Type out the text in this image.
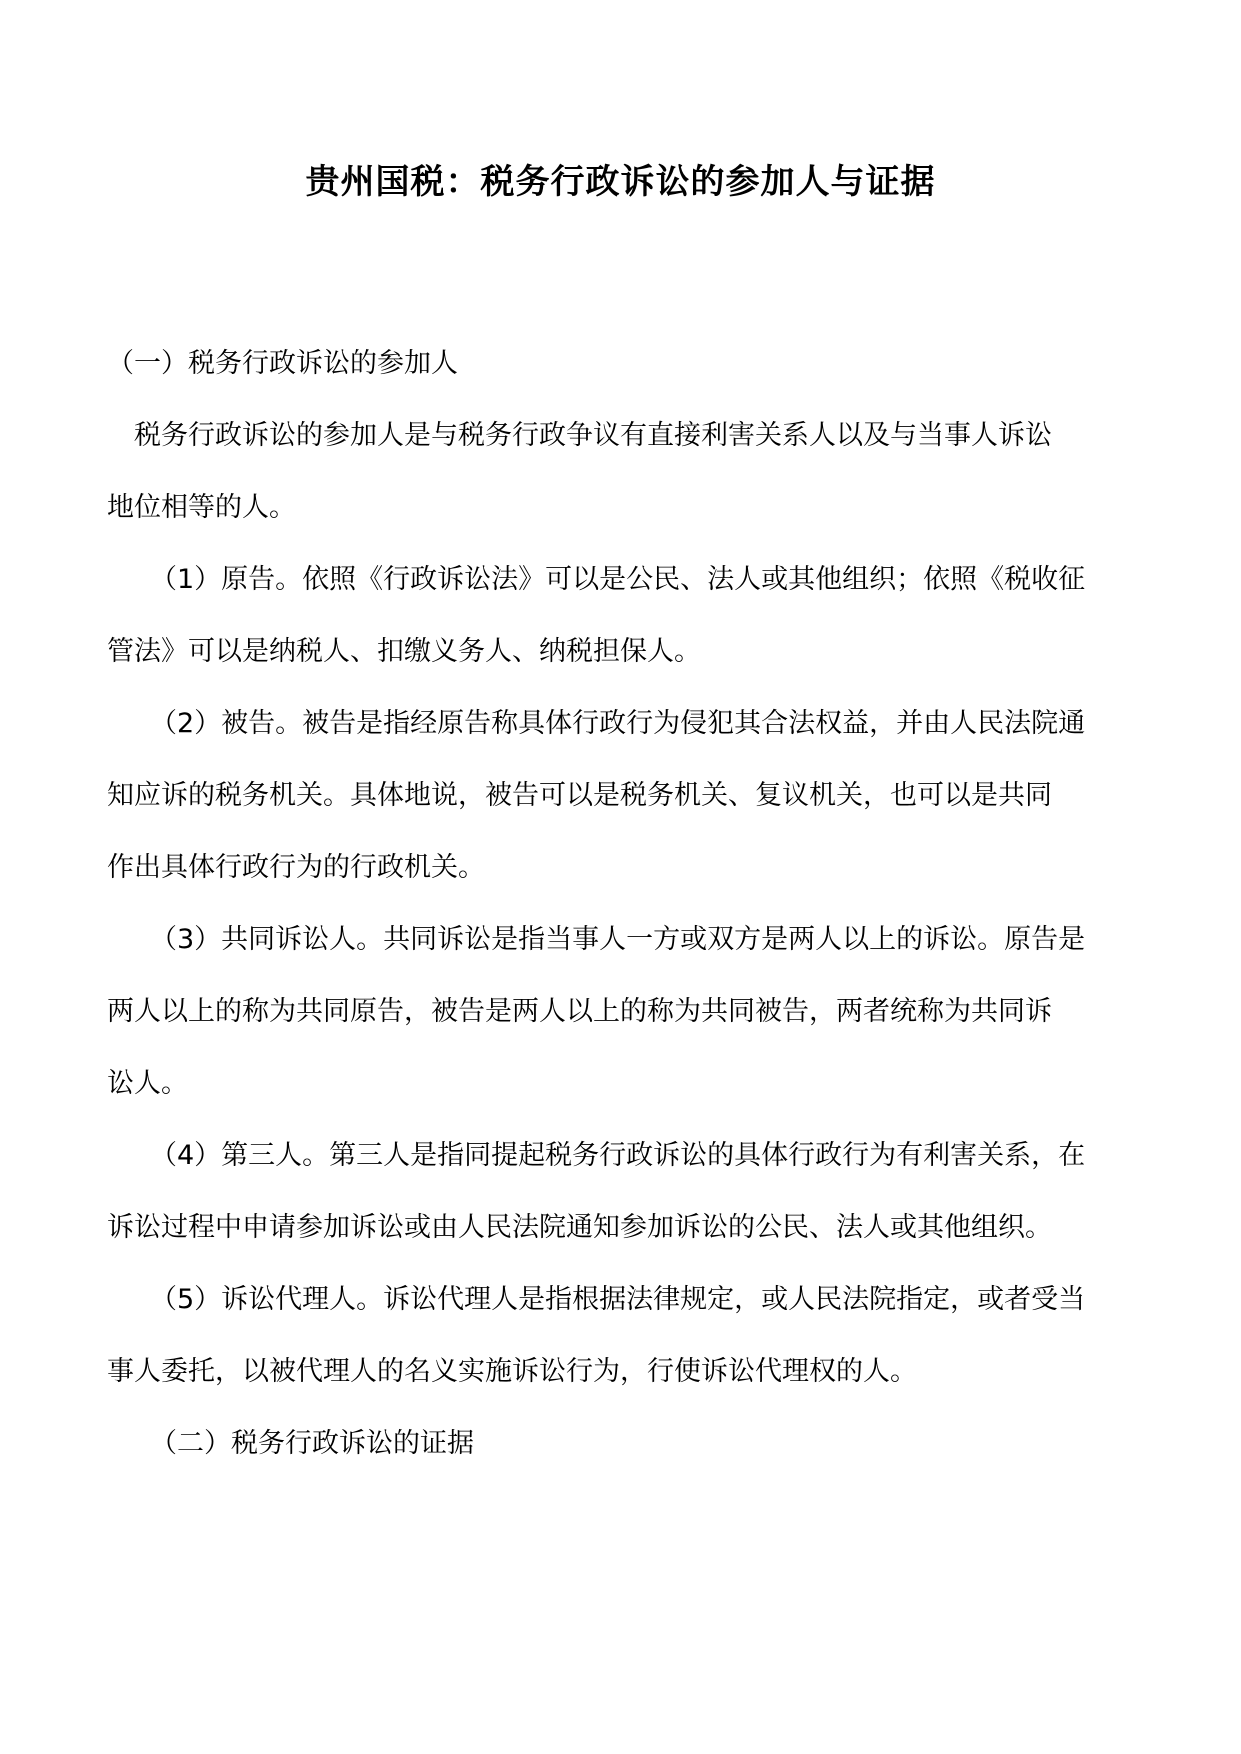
贵州国税：税务行政诉讼的参加人与证据

（一）税务行政诉讼的参加人

税务行政诉讼的参加人是与税务行政争议有直接利害关系人以及与当事人诉讼

地位相等的人。

（1）原告。依照《行政诉讼法》可以是公民、法人或其他组织；依照《税收征

管法》可以是纳税人、扣缴义务人、纳税担保人。

（2）被告。被告是指经原告称具体行政行为侵犯其合法权益，并由人民法院通

知应诉的税务机关。具体地说，被告可以是税务机关、复议机关，也可以是共同

作出具体行政行为的行政机关。

（3）共同诉讼人。共同诉讼是指当事人一方或双方是两人以上的诉讼。原告是

两人以上的称为共同原告，被告是两人以上的称为共同被告，两者统称为共同诉

讼人。

（4）第三人。第三人是指同提起税务行政诉讼的具体行政行为有利害关系，在

诉讼过程中申请参加诉讼或由人民法院通知参加诉讼的公民、法人或其他组织。

（5）诉讼代理人。诉讼代理人是指根据法律规定，或人民法院指定，或者受当

事人委托，以被代理人的名义实施诉讼行为，行使诉讼代理权的人。

（二）税务行政诉讼的证据
